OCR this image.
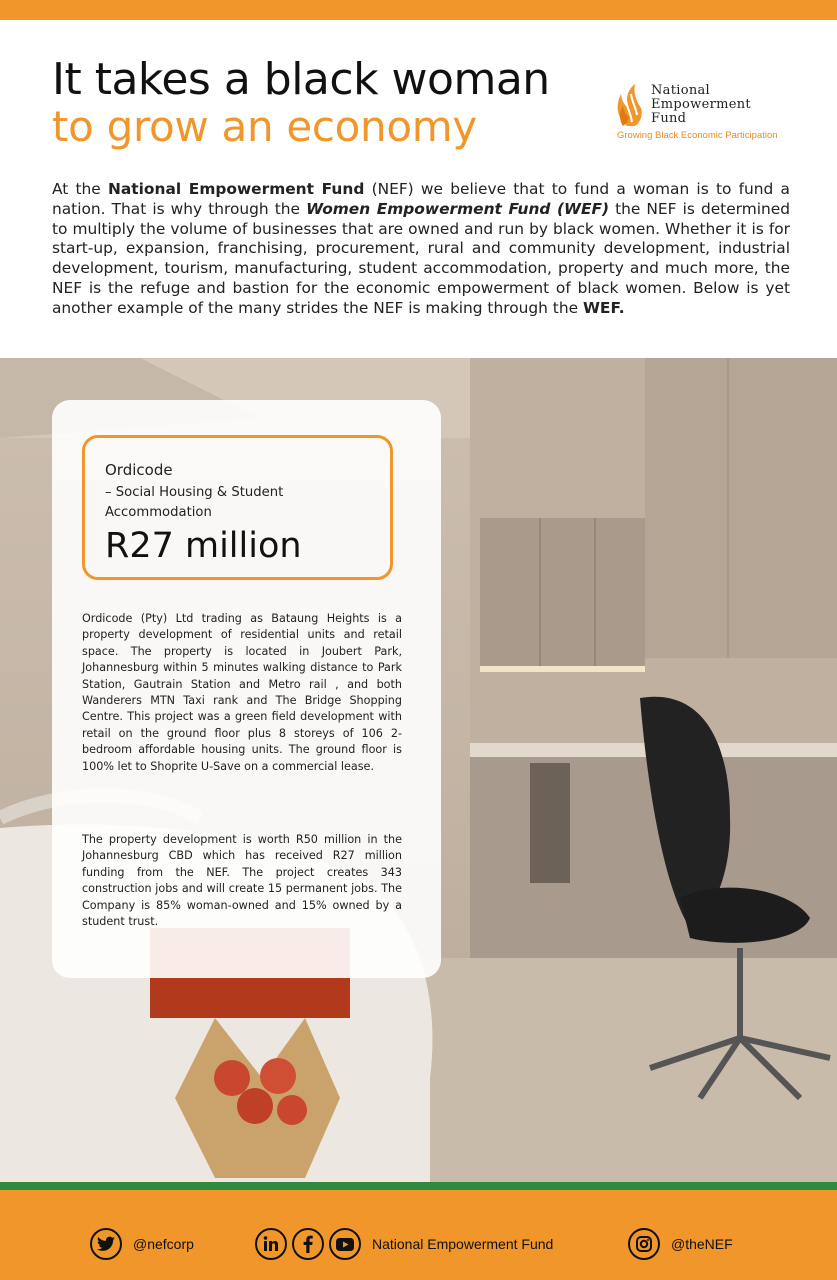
It takes a black woman
to grow an economy
National
Empowerment
Fund
Growing Black Economic Participation

At the National Empowerment Fund (NEF) we believe that to fund a woman is to fund a nation. That is why through the Women Empowerment Fund (WEF) the NEF is determined to multiply the volume of businesses that are owned and run by black women. Whether it is for start-up, expansion, franchising, procurement, rural and community development, industrial development, tourism, manufacturing, student accommodation, property and much more, the NEF is the refuge and bastion for the economic empowerment of black women. Below is yet another example of the many strides the NEF is making through the WEF.

Ordicode
– Social Housing & Student Accommodation
R27 million

Ordicode (Pty) Ltd trading as Bataung Heights is a property development of residential units and retail space. The property is located in Joubert Park, Johannesburg within 5 minutes walking distance to Park Station, Gautrain Station and Metro rail , and both Wanderers MTN Taxi rank and The Bridge Shopping Centre. This project was a green field development with retail on the ground floor plus 8 storeys of 106 2-bedroom affordable housing units. The ground floor is 100% let to Shoprite U-Save on a commercial lease.

The property development is worth R50 million in the Johannesburg CBD which has received R27 million funding from the NEF. The project creates 343 construction jobs and will create 15 permanent jobs. The Company is 85% woman-owned and 15% owned by a student trust.

@nefcorp	National Empowerment Fund	@theNEF
